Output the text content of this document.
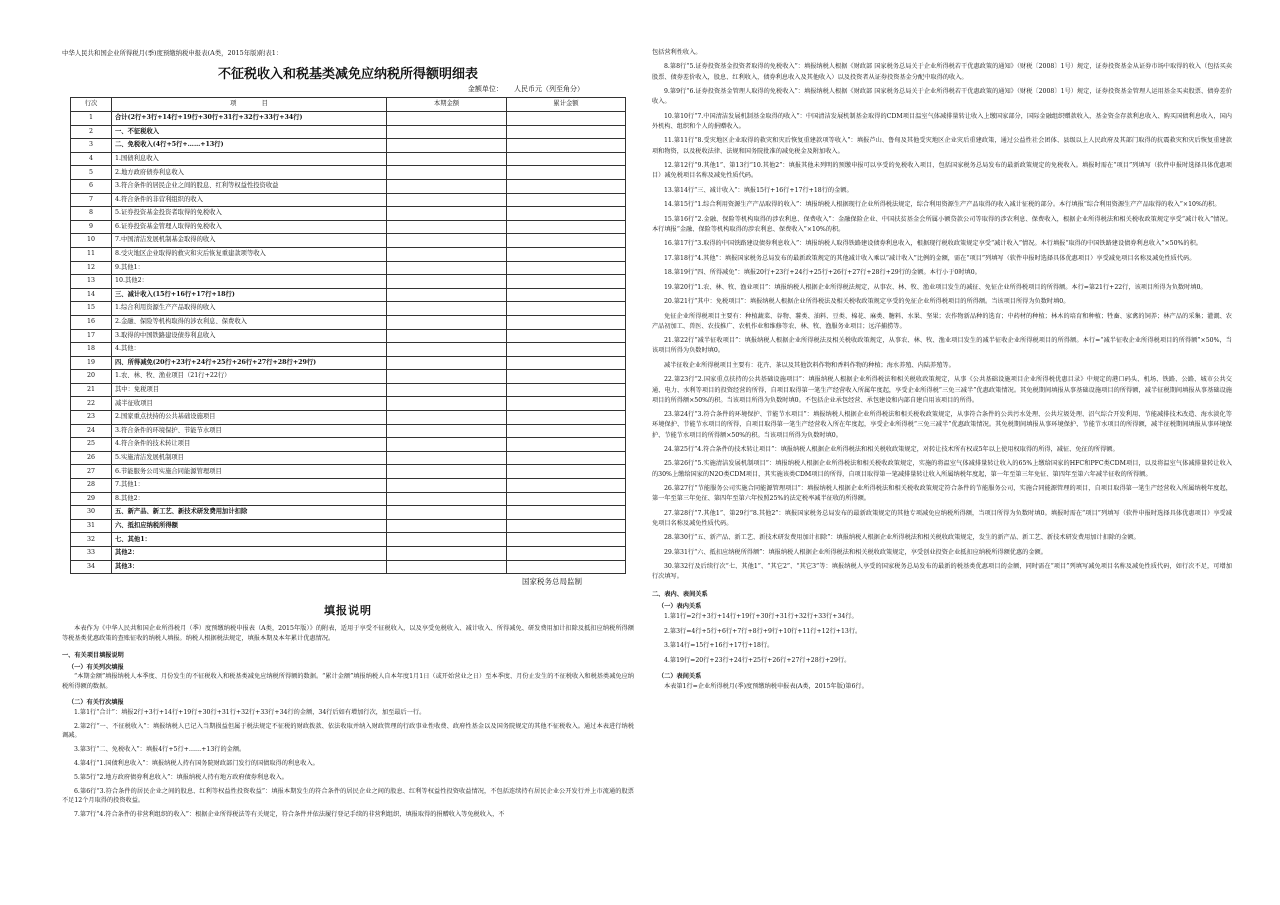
中华人民共和国企业所得税月(季)度预缴纳税申报表(A类，2015年版)附表1：
不征税收入和税基类减免应纳税所得额明细表
金额单位： 人民币元（列至角分）
行次	项　　　　目	本期金额	累计金额
1	合计(2行+3行+14行+19行+30行+31行+32行+33行+34行)		
2	一、不征税收入		
3	二、免税收入(4行+5行+……+13行)		
4	1.国债利息收入		
5	2.地方政府债券利息收入		
6	3.符合条件的居民企业之间的股息、红利等权益性投资收益		
7	4.符合条件的非营利组织的收入		
8	5.证券投资基金投资者取得的免税收入		
9	6.证券投资基金管理人取得的免税收入		
10	7.中国清洁发展机制基金取得的收入		
11	8.受灾地区企业取得的救灾和灾后恢复重建款项等收入		
12	9.其他1：		
13	10.其他2：		
14	三、减计收入(15行+16行+17行+18行)		
15	1.综合利用资源生产产品取得的收入		
16	2.金融、保险等机构取得的涉农利息、保费收入		
17	3.取得的中国铁路建设债券利息收入		
18	4.其他：		
19	四、所得减免(20行+23行+24行+25行+26行+27行+28行+29行)		
20	1.农、林、牧、渔业项目（21行+22行）		
21	其中：免税项目		
22	减半征收项目		
23	2.国家重点扶持的公共基础设施项目		
24	3.符合条件的环境保护、节能节水项目		
25	4.符合条件的技术转让项目		
26	5.实施清洁发展机制项目		
27	6.节能服务公司实施合同能源管理项目		
28	7.其他1：		
29	8.其他2：		
30	五、新产品、新工艺、新技术研发费用加计扣除		
31	六、抵扣应纳税所得额		
32	七、其他1：		
33	其他2：		
34	其他3：		
国家税务总局监制
填报说明

本表作为《中华人民共和国企业所得税月（季）度预缴纳税申报表（A类，2015年版）》的附表，适用于享受不征税收入，以及享受免税收入、减计收入、所得减免、研发费用加计扣除及抵扣应纳税所得额等税基类优惠政策的查账征收的纳税人填报。纳税人根据税法规定，填报本期及本年累计优惠情况。

一、有关项目填报说明

（一）有关列次填报

“本期金额”填报纳税人本季度、月份发生的不征税收入和税基类减免应纳税所得额的数据。“累计金额”填报纳税人自本年度1月1日（或开始营业之日）至本季度、月份止发生的不征税收入和税基类减免应纳税所得额的数据。

（二）有关行次填报

1.第1行“合计”：填报2行+3行+14行+19行+30行+31行+32行+33行+34行的金额，34行后如有增加行次，加至最后一行。

2.第2行“一、不征税收入”：填报纳税人已记入当期损益但属于税法规定不征税的财政拨款、依法收取并纳入财政管理的行政事业性收费、政府性基金以及国务院规定的其他不征税收入。通过本表进行纳税调减。

3.第3行“二、免税收入”：填报4行+5行+……+13行的金额。

4.第4行“1.国债利息收入”：填报纳税人持有国务院财政部门发行的国债取得的利息收入。

5.第5行“2.地方政府债券利息收入”：填报纳税人持有地方政府债券利息收入。

6.第6行“3.符合条件的居民企业之间的股息、红利等权益性投资收益”：填报本期发生的符合条件的居民企业之间的股息、红利等权益性投资收益情况，不包括连续持有居民企业公开发行并上市流通的股票不足12个月取得的投资收益。

7.第7行“4.符合条件的非营利组织的收入”：根据企业所得税法等有关规定，符合条件并依法履行登记手续的非营利组织，填报取得的捐赠收入等免税收入，不

包括营利性收入。

8.第8行“5.证券投资基金投资者取得的免税收入”：填报纳税人根据《财政部 国家税务总局关于企业所得税若干优惠政策的通知》（财税〔2008〕1号）规定，证券投资基金从证券市场中取得的收入（包括买卖股票、债券差价收入，股息、红利收入，债券利息收入及其他收入）以及投资者从证券投资基金分配中取得的收入。

9.第9行“6.证券投资基金管理人取得的免税收入”：填报纳税人根据《财政部 国家税务总局关于企业所得税若干优惠政策的通知》（财税〔2008〕1号）规定，证券投资基金管理人运用基金买卖股票、债券差价收入。

10.第10行“7.中国清洁发展机制基金取得的收入”：中国清洁发展机制基金取得的CDM项目温室气体减排量转让收入上缴国家部分，国际金融组织赠款收入，基金资金存款利息收入、购买国债利息收入，国内外机构、组织和个人的捐赠收入。

11.第11行“8.受灾地区企业取得的救灾和灾后恢复重建款项等收入”：填报芦山、鲁甸及其他受灾地区企业灾后重建政策，通过公益性社会团体、县级以上人民政府及其部门取得的抗震救灾和灾后恢复重建款项和物资，以及税收法律、法规和国务院批准的减免税金及附加收入。

12.第12行“9.其他1”、第13行“10.其他2”：填报其他未列明的预缴申报可以享受的免税收入项目，包括国家税务总局发布的最新政策规定的免税收入。填报时需在“项目”列填写（软件申报时选择具体优惠项目）减免税项目名称及减免性质代码。

13.第14行“三、减计收入”：填报15行+16行+17行+18行的金额。

14.第15行“1.综合利用资源生产产品取得的收入”：填报纳税人根据现行企业所得税法规定，综合利用资源生产产品取得的收入减计征税的部分。本行填报“综合利用资源生产产品取得的收入”×10%的积。

15.第16行“2.金融、保险等机构取得的涉农利息、保费收入”：金融保险企业、中国扶贫基金会所属小额贷款公司等取得的涉农利息、保费收入，根据企业所得税法和相关税收政策规定享受“减计收入”情况。本行填报“金融、保险等机构取得的涉农利息、保费收入”×10%的积。

16.第17行“3.取得的中国铁路建设债券利息收入”：填报纳税人取得铁路建设债券利息收入，根据现行税收政策规定享受“减计收入”情况。本行填报“取得的中国铁路建设债券利息收入”×50%的积。

17.第18行“4.其他”：填报国家税务总局发布的最新政策规定的其他减计收入乘以“减计收入”比例的金额，需在“项目”列填写（软件申报时选择具体优惠项目）享受减免项目名称及减免性质代码。

18.第19行“四、所得减免”：填报20行+23行+24行+25行+26行+27行+28行+29行的金额。本行小于0时填0。

19.第20行“1.农、林、牧、渔业项目”：填报纳税人根据企业所得税法规定，从事农、林、牧、渔业项目发生的减征、免征企业所得税项目的所得额。本行=第21行+22行，该项目所得为负数时填0。

20.第21行“其中：免税项目”：填报纳税人根据企业所得税法及相关税收政策规定享受的免征企业所得税项目的所得额。当该项目所得为负数时填0。

免征企业所得税项目主要有：种植蔬菜、谷物、薯类、油料、豆类、棉花、麻类、糖料、水果、坚果；农作物新品种的选育；中药材的种植；林木的培育和种植；牲畜、家禽的饲养；林产品的采集；灌溉、农产品初加工、兽医、农技推广、农机作业和维修等农、林、牧、渔服务业项目；远洋捕捞等。

21.第22行“减半征收项目”：填报纳税人根据企业所得税法及相关税收政策规定，从事农、林、牧、渔业项目发生的减半征收企业所得税项目的所得额。本行=“减半征收企业所得税项目的所得额”×50%，当该项目所得为负数时填0。

减半征收企业所得税项目主要有：花卉、茶以及其他饮料作物和香料作物的种植；海水养殖、内陆养殖等。

22.第23行“2.国家重点扶持的公共基础设施项目”：填报纳税人根据企业所得税法和相关税收政策规定，从事《公共基础设施项目企业所得税优惠目录》中规定的港口码头、机场、铁路、公路、城市公共交通、电力、水利等项目的投资经营的所得，自项目取得第一笔生产经营收入所属年度起，享受企业所得税“三免三减半”优惠政策情况。其免税期间填报从事基础设施项目的所得额，减半征税期间填报从事基础设施项目的所得额×50%的积。当该项目所得为负数时填0。不包括企业承包经营、承包建设和内部自建自用该项目的所得。

23.第24行“3.符合条件的环境保护、节能节水项目”：填报纳税人根据企业所得税法和相关税收政策规定，从事符合条件的公共污水处理、公共垃圾处理、沼气综合开发利用、节能减排技术改造、海水淡化等环境保护、节能节水项目的所得，自项目取得第一笔生产经营收入所在年度起，享受企业所得税“三免三减半”优惠政策情况。其免税期间填报从事环境保护、节能节水项目的所得额，减半征税期间填报从事环境保护、节能节水项目的所得额×50%的积。当该项目所得为负数时填0。

24.第25行“4.符合条件的技术转让项目”：填报纳税人根据企业所得税法和相关税收政策规定，对转让技术所有权或5年以上使用权取得的所得，减征、免征的所得额。

25.第26行“5.实施清洁发展机制项目”：填报纳税人根据企业所得税法和相关税收政策规定，实施的将温室气体减排量转让收入的65%上缴给国家的HFC和PFC类CDM项目，以及将温室气体减排量转让收入的30%上缴给国家的N2O类CDM项目，其实施该类CDM项目的所得，自项目取得第一笔减排量转让收入所属纳税年度起，第一年至第三年免征、第四年至第六年减半征收的所得额。

26.第27行“节能服务公司实施合同能源管理项目”：填报纳税人根据企业所得税法和相关税收政策规定符合条件的节能服务公司，实施合同能源管理的项目，自项目取得第一笔生产经营收入所属纳税年度起，第一年至第三年免征、第四年至第六年按照25%的法定税率减半征收的所得额。

27.第28行“7.其他1”、第29行“8.其他2”：填报国家税务总局发布的最新政策规定的其他专项减免应纳税所得额，当项目所得为负数时填0。填报时需在“项目”列填写（软件申报时选择具体优惠项目）享受减免项目名称及减免性质代码。

28.第30行“五、新产品、新工艺、新技术研发费用加计扣除”：填报纳税人根据企业所得税法和相关税收政策规定，发生的新产品、新工艺、新技术研发费用加计扣除的金额。

29.第31行“六、抵扣应纳税所得额”：填报纳税人根据企业所得税法和相关税收政策规定，享受创业投资企业抵扣应纳税所得额优惠的金额。

30.第32行及后续行次“七、其他1”、“其它2”、“其它3”等：填报纳税人享受的国家税务总局发布的最新的税基类优惠项目的金额，同时需在“项目”列填写减免项目名称及减免性质代码，如行次不足，可增加行次填写。

二、表内、表间关系

（一）表内关系

1.第1行=2行+3行+14行+19行+30行+31行+32行+33行+34行。

2.第3行=4行+5行+6行+7行+8行+9行+10行+11行+12行+13行。

3.第14行=15行+16行+17行+18行。

4.第19行=20行+23行+24行+25行+26行+27行+28行+29行。

（二）表间关系

本表第1行=企业所得税月(季)度预缴纳税申报表(A类，2015年版)第6行。
